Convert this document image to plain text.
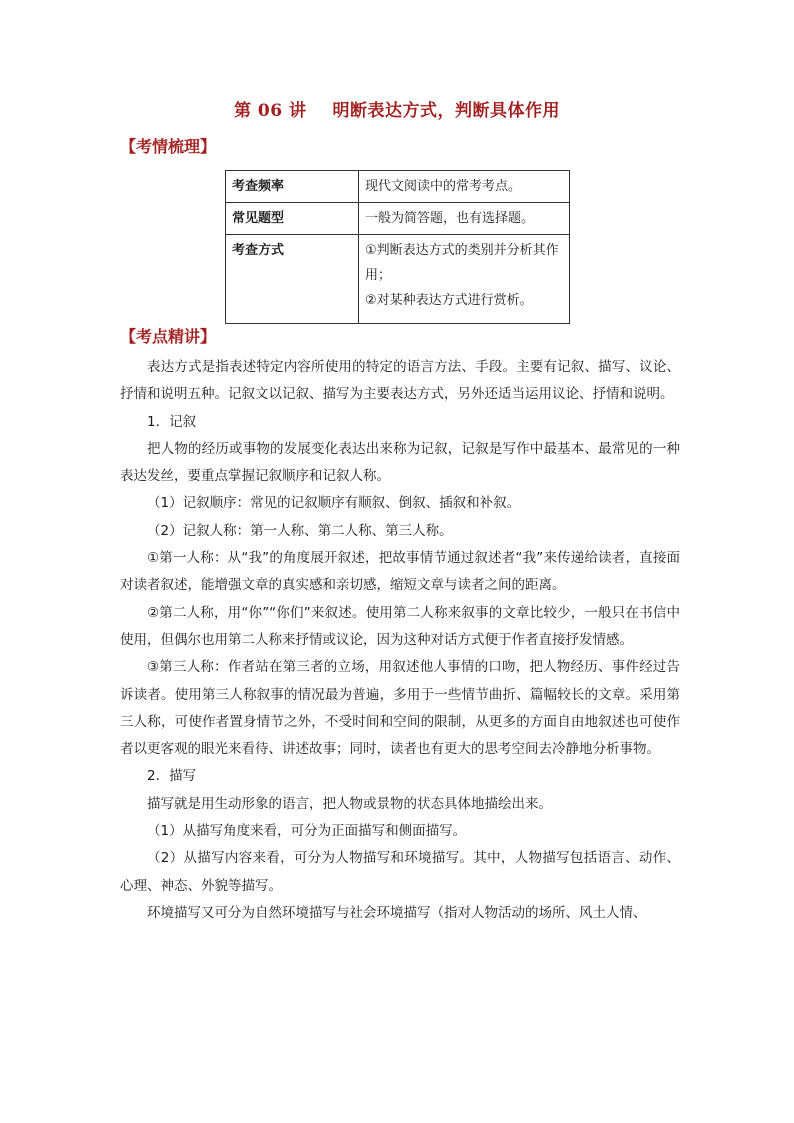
第 06 讲 明断表达方式，判断具体作用
【考情梳理】
考查频率	现代文阅读中的常考考点。

常见题型	一般为简答题，也有选择题。

考查方式	①判断表达方式的类别并分析其作用；
②对某种表达方式进行赏析。
【考点精讲】

表达方式是指表述特定内容所使用的特定的语言方法、手段。主要有记叙、描写、议论、抒情和说明五种。记叙文以记叙、描写为主要表达方式，另外还适当运用议论、抒情和说明。

1．记叙

把人物的经历或事物的发展变化表达出来称为记叙，记叙是写作中最基本、最常见的一种表达发丝，要重点掌握记叙顺序和记叙人称。

（1）记叙顺序：常见的记叙顺序有顺叙、倒叙、插叙和补叙。

（2）记叙人称：第一人称、第二人称、第三人称。

①第一人称：从“我”的角度展开叙述，把故事情节通过叙述者“我”来传递给读者，直接面对读者叙述，能增强文章的真实感和亲切感，缩短文章与读者之间的距离。

②第二人称，用“你”“你们”来叙述。使用第二人称来叙事的文章比较少，一般只在书信中使用，但偶尔也用第二人称来抒情或议论，因为这种对话方式便于作者直接抒发情感。

③第三人称：作者站在第三者的立场，用叙述他人事情的口吻，把人物经历、事件经过告诉读者。使用第三人称叙事的情况最为普遍，多用于一些情节曲折、篇幅较长的文章。采用第三人称，可使作者置身情节之外，不受时间和空间的限制，从更多的方面自由地叙述也可使作者以更客观的眼光来看待、讲述故事；同时，读者也有更大的思考空间去冷静地分析事物。

2．描写

描写就是用生动形象的语言，把人物或景物的状态具体地描绘出来。

（1）从描写角度来看，可分为正面描写和侧面描写。

（2）从描写内容来看，可分为人物描写和环境描写。其中，人物描写包括语言、动作、心理、神态、外貌等描写。

环境描写又可分为自然环境描写与社会环境描写（指对人物活动的场所、风土人情、
